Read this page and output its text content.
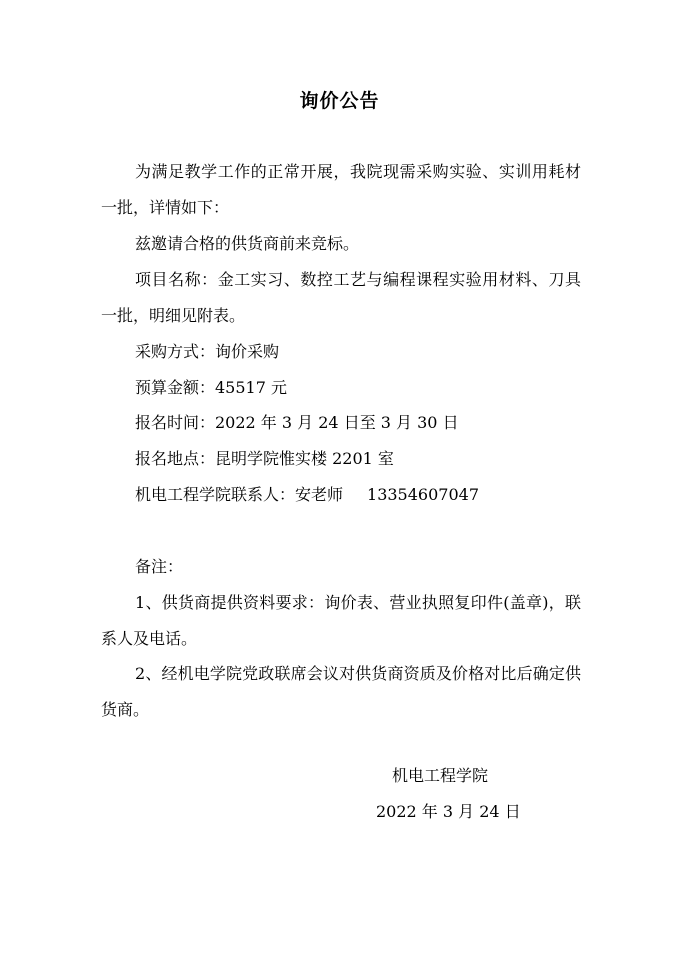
询价公告
为满足教学工作的正常开展，我院现需采购实验、实训用耗材一批，详情如下：
兹邀请合格的供货商前来竞标。
项目名称：金工实习、数控工艺与编程课程实验用材料、刀具一批，明细见附表。
采购方式：询价采购
预算金额：45517 元
报名时间：2022 年 3 月 24 日至 3 月 30 日
报名地点：昆明学院惟实楼 2201 室
机电工程学院联系人：安老师 13354607047
备注：
1、供货商提供资料要求：询价表、营业执照复印件(盖章)，联系人及电话。
2、经机电学院党政联席会议对供货商资质及价格对比后确定供货商。
机电工程学院
2022 年 3 月 24 日
